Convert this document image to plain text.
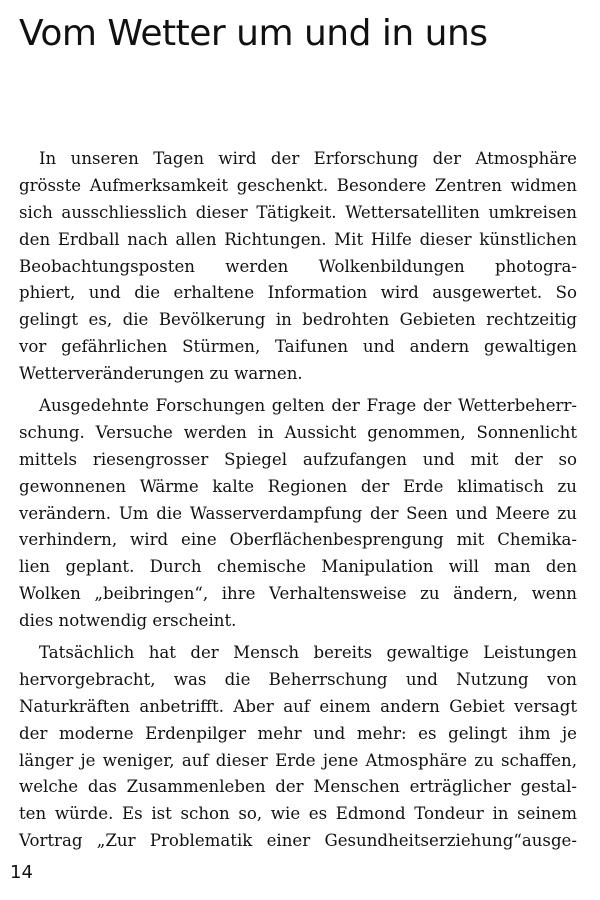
Vom Wetter um und in uns

In unseren Tagen wird der Erforschung der Atmosphäre
grösste Aufmerksamkeit geschenkt. Besondere Zentren widmen
sich ausschliesslich dieser Tätigkeit. Wettersatelliten umkreisen
den Erdball nach allen Richtungen. Mit Hilfe dieser künstlichen
Beobachtungsposten werden Wolkenbildungen photogra-
phiert, und die erhaltene Information wird ausgewertet. So
gelingt es, die Bevölkerung in bedrohten Gebieten rechtzeitig
vor gefährlichen Stürmen, Taifunen und andern gewaltigen
Wetterveränderungen zu warnen.

Ausgedehnte Forschungen gelten der Frage der Wetterbeherr-
schung. Versuche werden in Aussicht genommen, Sonnenlicht
mittels riesengrosser Spiegel aufzufangen und mit der so
gewonnenen Wärme kalte Regionen der Erde klimatisch zu
verändern. Um die Wasserverdampfung der Seen und Meere zu
verhindern, wird eine Oberflächenbesprengung mit Chemika-
lien geplant. Durch chemische Manipulation will man den
Wolken „beibringen“, ihre Verhaltensweise zu ändern, wenn
dies notwendig erscheint.

Tatsächlich hat der Mensch bereits gewaltige Leistungen
hervorgebracht, was die Beherrschung und Nutzung von
Naturkräften anbetrifft. Aber auf einem andern Gebiet versagt
der moderne Erdenpilger mehr und mehr: es gelingt ihm je
länger je weniger, auf dieser Erde jene Atmosphäre zu schaffen,
welche das Zusammenleben der Menschen erträglicher gestal-
ten würde. Es ist schon so, wie es Edmond Tondeur in seinem
Vortrag „Zur Problematik einer Gesundheitserziehung“ausge-

14
